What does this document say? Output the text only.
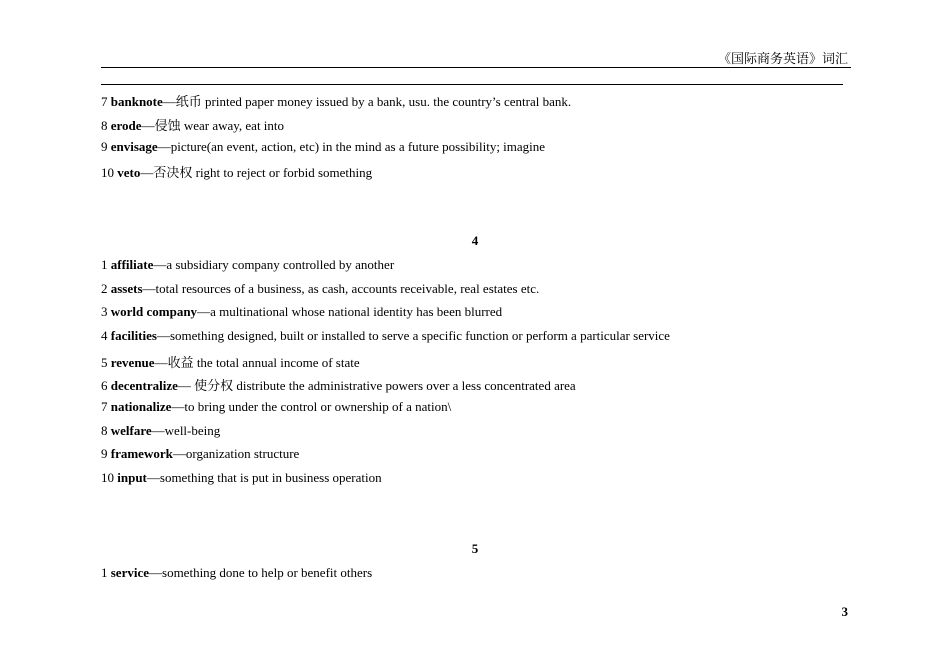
《国际商务英语》词汇
7 banknote—纸币 printed paper money issued by a bank, usu. the country’s central bank.
8 erode—侵蚀 wear away, eat into
9 envisage—picture(an event, action, etc) in the mind as a future possibility; imagine
10 veto—否决权 right to reject or forbid something
4
1 affiliate—a subsidiary company controlled by another
2 assets—total resources of a business, as cash, accounts receivable, real estates etc.
3 world company—a multinational whose national identity has been blurred
4 facilities—something designed, built or installed to serve a specific function or perform a particular service
5 revenue—收益 the total annual income of state
6 decentralize— 使分权 distribute the administrative powers over a less concentrated area
7 nationalize—to bring under the control or ownership of a nation\
8 welfare—well-being
9 framework—organization structure
10 input—something that is put in business operation
5
1 service—something done to help or benefit others
3
